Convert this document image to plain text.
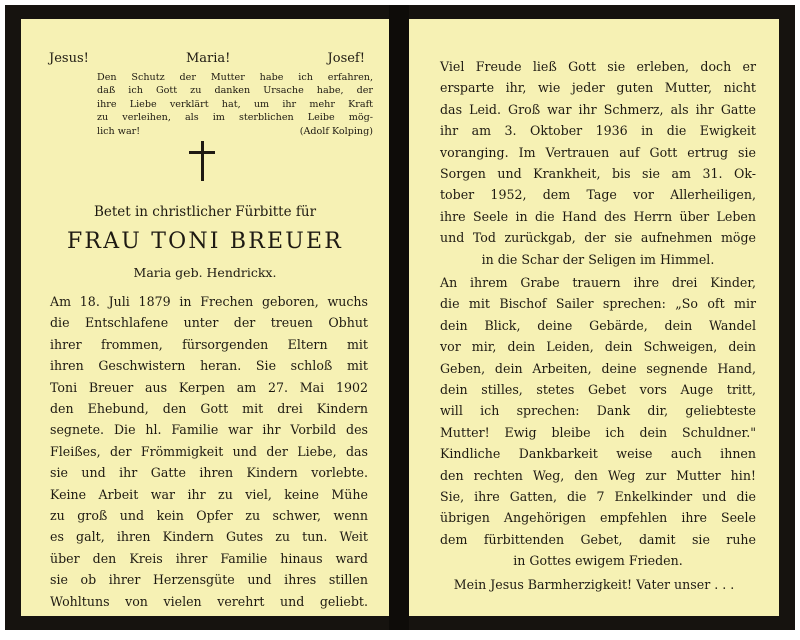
Jesus!	Maria!	Josef!
Den Schutz der Mutter habe ich erfahren,
daß ich Gott zu danken Ursache habe, der
ihre Liebe verklärt hat, um ihr mehr Kraft
zu verleihen, als im sterblichen Leibe mög-
lich war!	(Adolf Kolping)
Betet in christlicher Fürbitte für
FRAU TONI BREUER
Maria geb. Hendrickx.
Am 18. Juli 1879 in Frechen geboren, wuchs
die Entschlafene unter der treuen Obhut
ihrer frommen, fürsorgenden Eltern mit
ihren Geschwistern heran. Sie schloß mit
Toni Breuer aus Kerpen am 27. Mai 1902
den Ehebund, den Gott mit drei Kindern
segnete. Die hl. Familie war ihr Vorbild des
Fleißes, der Frömmigkeit und der Liebe, das
sie und ihr Gatte ihren Kindern vorlebte.
Keine Arbeit war ihr zu viel, keine Mühe
zu groß und kein Opfer zu schwer, wenn
es galt, ihren Kindern Gutes zu tun. Weit
über den Kreis ihrer Familie hinaus ward
sie ob ihrer Herzensgüte und ihres stillen
Wohltuns von vielen verehrt und geliebt.
Viel Freude ließ Gott sie erleben, doch er
ersparte ihr, wie jeder guten Mutter, nicht
das Leid. Groß war ihr Schmerz, als ihr Gatte
ihr am 3. Oktober 1936 in die Ewigkeit
voranging. Im Vertrauen auf Gott ertrug sie
Sorgen und Krankheit, bis sie am 31. Ok-
tober 1952, dem Tage vor Allerheiligen,
ihre Seele in die Hand des Herrn über Leben
und Tod zurückgab, der sie aufnehmen möge
in die Schar der Seligen im Himmel.
An ihrem Grabe trauern ihre drei Kinder,
die mit Bischof Sailer sprechen: „So oft mir
dein Blick, deine Gebärde, dein Wandel
vor mir, dein Leiden, dein Schweigen, dein
Geben, dein Arbeiten, deine segnende Hand,
dein stilles, stetes Gebet vors Auge tritt,
will ich sprechen: Dank dir, geliebteste
Mutter! Ewig bleibe ich dein Schuldner."
Kindliche Dankbarkeit weise auch ihnen
den rechten Weg, den Weg zur Mutter hin!
Sie, ihre Gatten, die 7 Enkelkinder und die
übrigen Angehörigen empfehlen ihre Seele
dem fürbittenden Gebet, damit sie ruhe
in Gottes ewigem Frieden.
Mein Jesus Barmherzigkeit! Vater unser . . .
